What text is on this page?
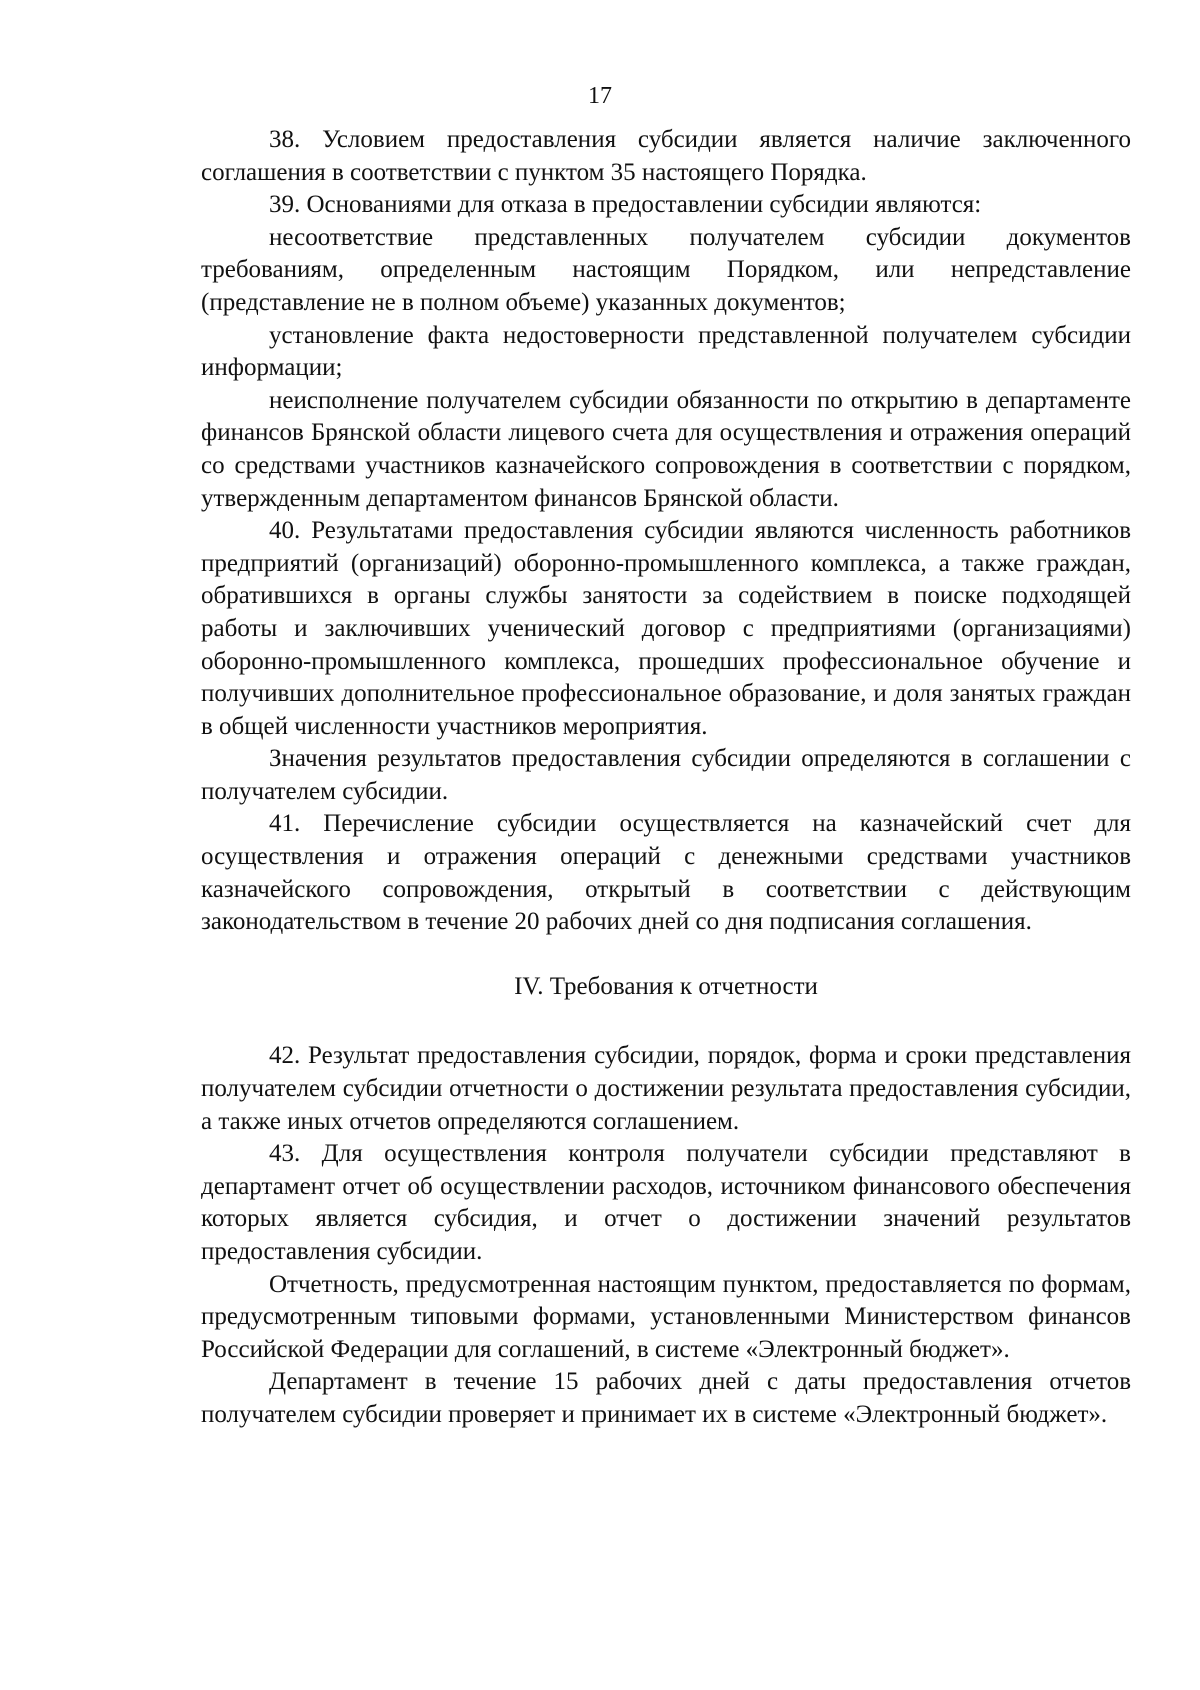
17

38. Условием предоставления субсидии является наличие заключенного соглашения в соответствии с пунктом 35 настоящего Порядка.

39. Основаниями для отказа в предоставлении субсидии являются:

несоответствие представленных получателем субсидии документов требованиям, определенным настоящим Порядком, или непредставление (представление не в полном объеме) указанных документов;

установление факта недостоверности представленной получателем субсидии информации;

неисполнение получателем субсидии обязанности по открытию в департаменте финансов Брянской области лицевого счета для осуществления и отражения операций со средствами участников казначейского сопровождения в соответствии с порядком, утвержденным департаментом финансов Брянской области.

40. Результатами предоставления субсидии являются численность работников предприятий (организаций) оборонно-промышленного комплекса, а также граждан, обратившихся в органы службы занятости за содействием в поиске подходящей работы и заключивших ученический договор с предприятиями (организациями) оборонно-промышленного комплекса, прошедших профессиональное обучение и получивших дополнительное профессиональное образование, и доля занятых граждан в общей численности участников мероприятия.

Значения результатов предоставления субсидии определяются в соглашении с получателем субсидии.

41. Перечисление субсидии осуществляется на казначейский счет для осуществления и отражения операций с денежными средствами участников казначейского сопровождения, открытый в соответствии с действующим законодательством в течение 20 рабочих дней со дня подписания соглашения.

IV. Требования к отчетности

42. Результат предоставления субсидии, порядок, форма и сроки представления получателем субсидии отчетности о достижении результата предоставления субсидии, а также иных отчетов определяются соглашением.

43. Для осуществления контроля получатели субсидии представляют в департамент отчет об осуществлении расходов, источником финансового обеспечения которых является субсидия, и отчет о достижении значений результатов предоставления субсидии.

Отчетность, предусмотренная настоящим пунктом, предоставляется по формам, предусмотренным типовыми формами, установленными Министерством финансов Российской Федерации для соглашений, в системе «Электронный бюджет».

Департамент в течение 15 рабочих дней с даты предоставления отчетов получателем субсидии проверяет и принимает их в системе «Электронный бюджет».
